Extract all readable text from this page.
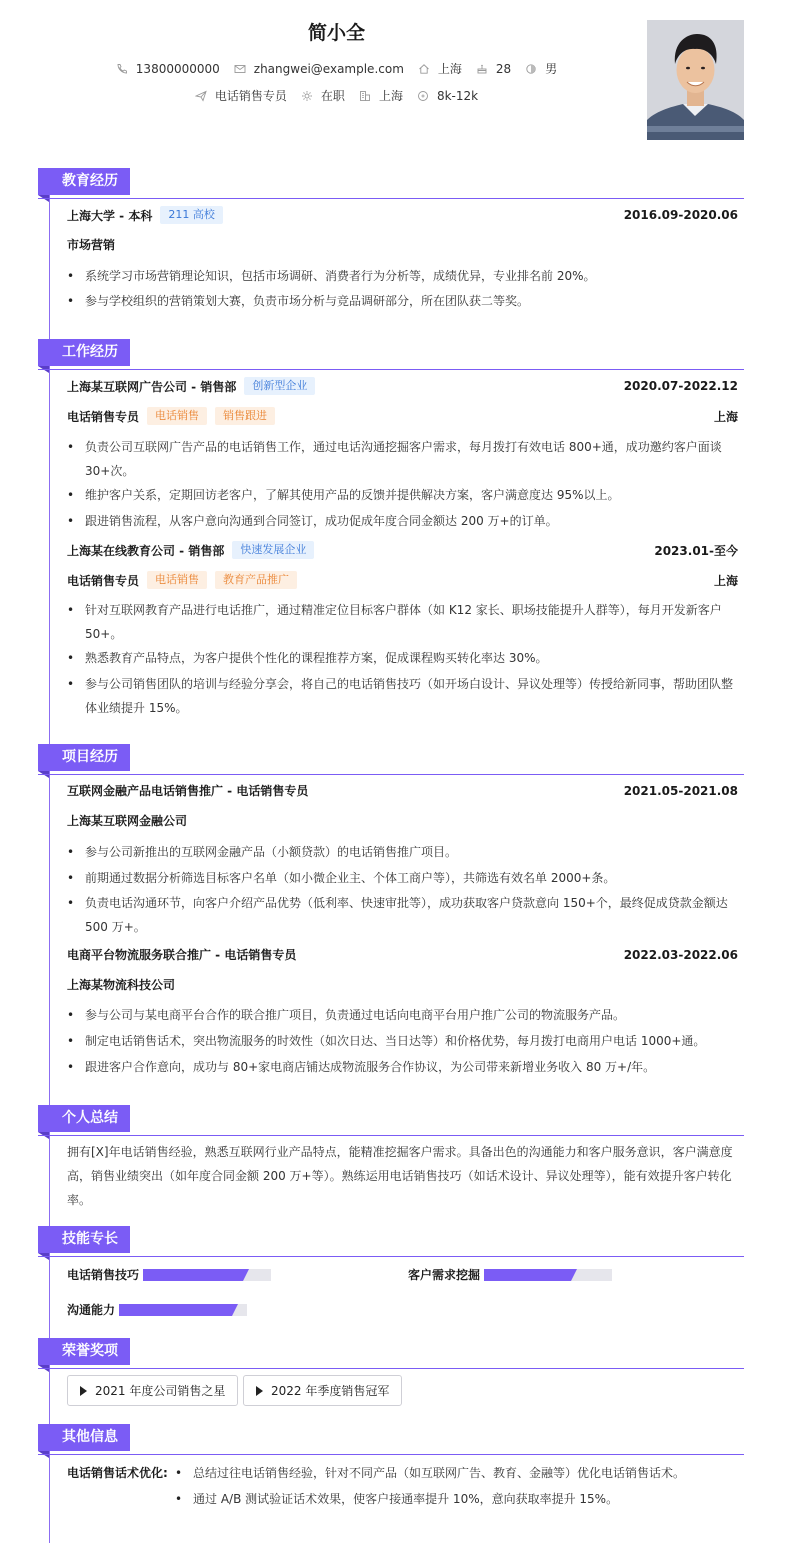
简小全
13800000000	zhangwei@example.com	上海	28	男
电话销售专员	在职	上海	8k-12k
教育经历
上海大学 - 本科	211 高校	2016.09-2020.06
市场营销
• 系统学习市场营销理论知识，包括市场调研、消费者行为分析等，成绩优异，专业排名前 20%。
• 参与学校组织的营销策划大赛，负责市场分析与竞品调研部分，所在团队获二等奖。
工作经历
上海某互联网广告公司 - 销售部	创新型企业	2020.07-2022.12
电话销售专员	电话销售	销售跟进	上海
• 负责公司互联网广告产品的电话销售工作，通过电话沟通挖掘客户需求，每月拨打有效电话 800+通，成功邀约客户面谈 30+次。
• 维护客户关系，定期回访老客户，了解其使用产品的反馈并提供解决方案，客户满意度达 95%以上。
• 跟进销售流程，从客户意向沟通到合同签订，成功促成年度合同金额达 200 万+的订单。
上海某在线教育公司 - 销售部	快速发展企业	2023.01-至今
电话销售专员	电话销售	教育产品推广	上海
• 针对互联网教育产品进行电话推广，通过精准定位目标客户群体（如 K12 家长、职场技能提升人群等），每月开发新客户 50+。
• 熟悉教育产品特点，为客户提供个性化的课程推荐方案，促成课程购买转化率达 30%。
• 参与公司销售团队的培训与经验分享会，将自己的电话销售技巧（如开场白设计、异议处理等）传授给新同事，帮助团队整体业绩提升 15%。
项目经历
互联网金融产品电话销售推广 - 电话销售专员	2021.05-2021.08
上海某互联网金融公司
• 参与公司新推出的互联网金融产品（小额贷款）的电话销售推广项目。
• 前期通过数据分析筛选目标客户名单（如小微企业主、个体工商户等），共筛选有效名单 2000+条。
• 负责电话沟通环节，向客户介绍产品优势（低利率、快速审批等），成功获取客户贷款意向 150+个，最终促成贷款金额达 500 万+。
电商平台物流服务联合推广 - 电话销售专员	2022.03-2022.06
上海某物流科技公司
• 参与公司与某电商平台合作的联合推广项目，负责通过电话向电商平台用户推广公司的物流服务产品。
• 制定电话销售话术，突出物流服务的时效性（如次日达、当日达等）和价格优势，每月拨打电商用户电话 1000+通。
• 跟进客户合作意向，成功与 80+家电商店铺达成物流服务合作协议，为公司带来新增业务收入 80 万+/年。
个人总结
拥有[X]年电话销售经验，熟悉互联网行业产品特点，能精准挖掘客户需求。具备出色的沟通能力和客户服务意识，客户满意度高，销售业绩突出（如年度合同金额 200 万+等）。熟练运用电话销售技巧（如话术设计、异议处理等），能有效提升客户转化率。
技能专长
电话销售技巧	客户需求挖掘
沟通能力
荣誉奖项
2021 年度公司销售之星	2022 年季度销售冠军
其他信息
电话销售话术优化:
•	总结过往电话销售经验，针对不同产品（如互联网广告、教育、金融等）优化电话销售话术。
• 通过 A/B 测试验证话术效果，使客户接通率提升 10%，意向获取率提升 15%。
